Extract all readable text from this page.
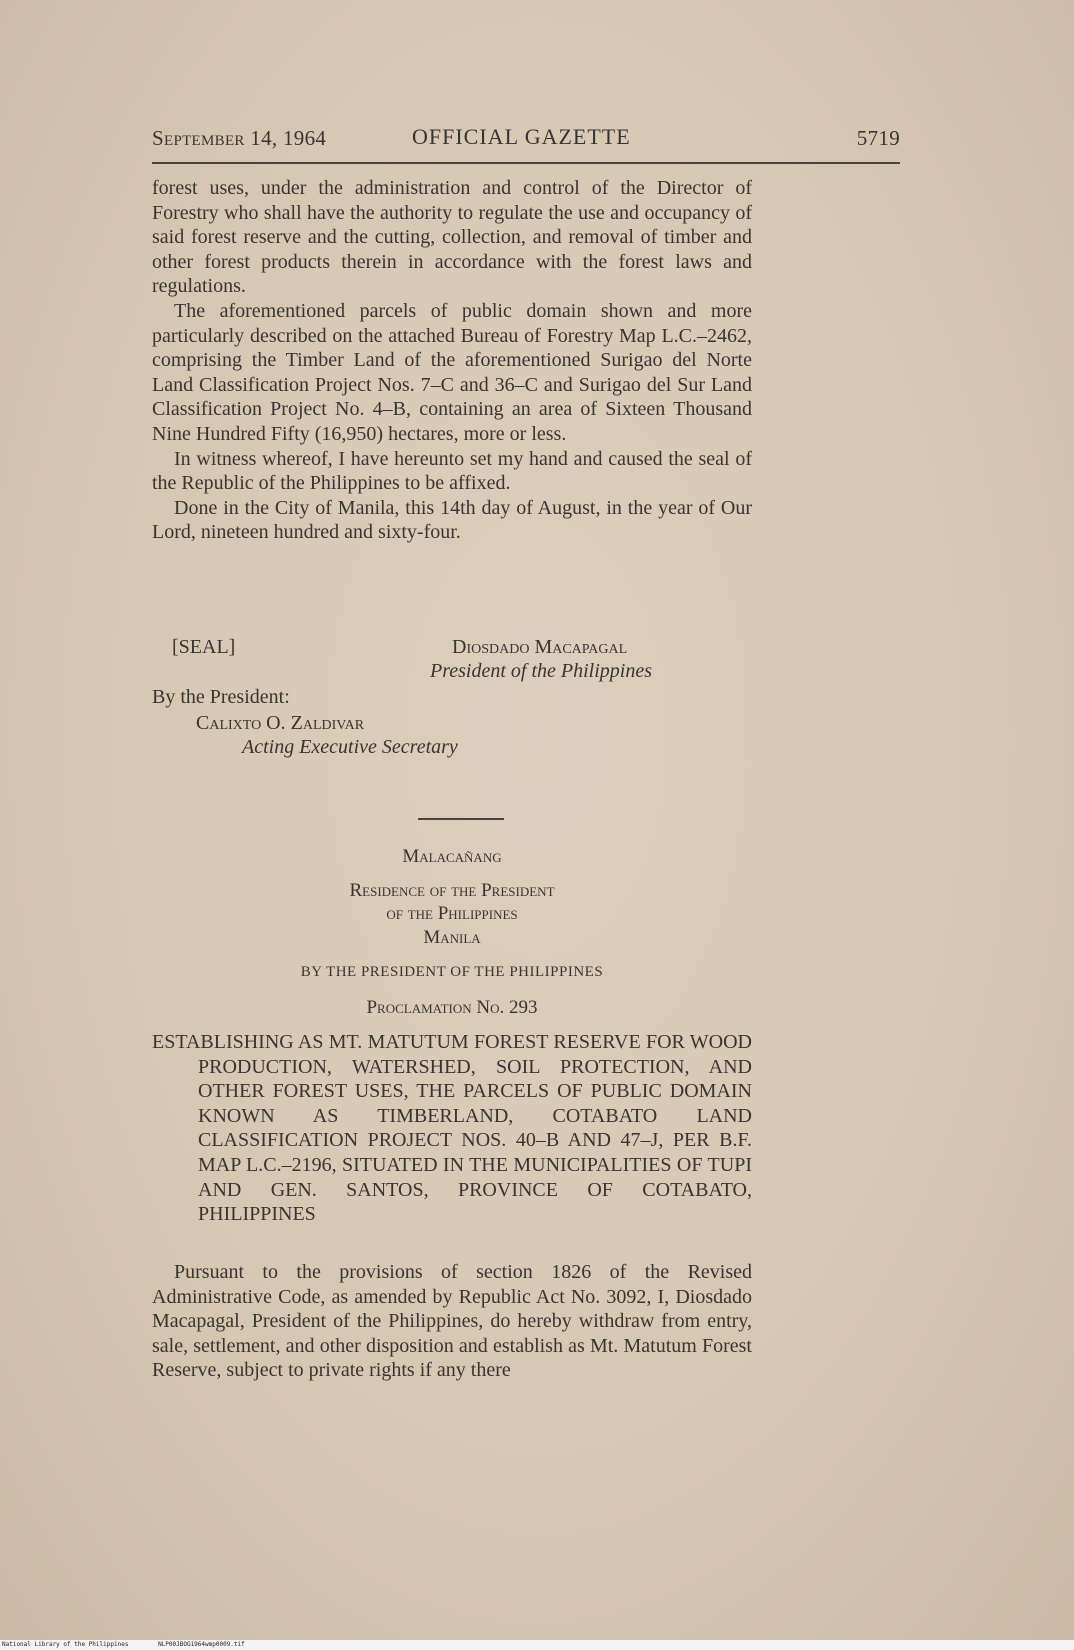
September 14, 1964	OFFICIAL GAZETTE	5719

forest uses, under the administration and control of the Director of Forestry who shall have the authority to regulate the use and occupancy of said forest reserve and the cutting, collection, and removal of timber and other forest products therein in accordance with the forest laws and regulations.

The aforementioned parcels of public domain shown and more particularly described on the attached Bureau of Forestry Map L.C.–2462, comprising the Timber Land of the aforementioned Surigao del Norte Land Classification Project Nos. 7–C and 36–C and Surigao del Sur Land Classification Project No. 4–B, containing an area of Sixteen Thousand Nine Hundred Fifty (16,950) hectares, more or less.

In witness whereof, I have hereunto set my hand and caused the seal of the Republic of the Philippines to be affixed.

Done in the City of Manila, this 14th day of August, in the year of Our Lord, nineteen hundred and sixty-four.

[SEAL]	Diosdado Macapagal
President of the Philippines
By the President:
Calixto O. Zaldivar
Acting Executive Secretary
Malacañang
Residence of the President
of the Philippines
Manila
BY THE PRESIDENT OF THE PHILIPPINES
Proclamation No. 293
ESTABLISHING AS MT. MATUTUM FOREST RESERVE FOR WOOD PRODUCTION, WATERSHED, SOIL PROTECTION, AND OTHER FOREST USES, THE PARCELS OF PUBLIC DOMAIN KNOWN AS TIMBERLAND, COTABATO LAND CLASSIFICATION PROJECT NOS. 40–B AND 47–J, PER B.F. MAP L.C.–2196, SITUATED IN THE MUNICIPALITIES OF TUPI AND GEN. SANTOS, PROVINCE OF COTABATO, PHILIPPINES

Pursuant to the provisions of section 1826 of the Revised Administrative Code, as amended by Republic Act No. 3092, I, Diosdado Macapagal, President of the Philippines, do hereby withdraw from entry, sale, settlement, and other disposition and establish as Mt. Matutum Forest Reserve, subject to private rights if any there

National Library of the Philippines	NLP00JBOG1964wmp0009.tif
